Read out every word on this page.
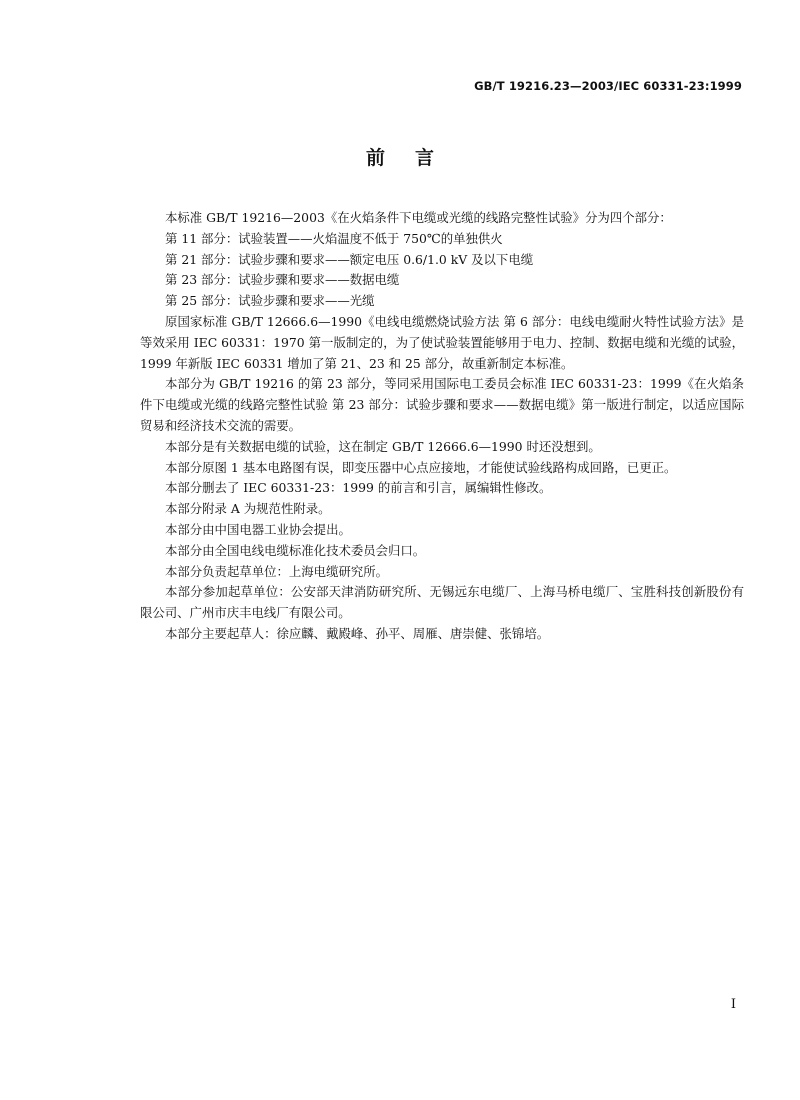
GB/T 19216.23—2003/IEC 60331-23:1999
前言

本标准 GB/T 19216—2003《在火焰条件下电缆或光缆的线路完整性试验》分为四个部分：

第 11 部分：试验装置——火焰温度不低于 750℃的单独供火

第 21 部分：试验步骤和要求——额定电压 0.6/1.0 kV 及以下电缆

第 23 部分：试验步骤和要求——数据电缆

第 25 部分：试验步骤和要求——光缆

原国家标准 GB/T 12666.6—1990《电线电缆燃烧试验方法 第 6 部分：电线电缆耐火特性试验方法》是等效采用 IEC 60331：1970 第一版制定的，为了使试验装置能够用于电力、控制、数据电缆和光缆的试验，1999 年新版 IEC 60331 增加了第 21、23 和 25 部分，故重新制定本标准。

本部分为 GB/T 19216 的第 23 部分，等同采用国际电工委员会标准 IEC 60331-23：1999《在火焰条件下电缆或光缆的线路完整性试验 第 23 部分：试验步骤和要求——数据电缆》第一版进行制定，以适应国际贸易和经济技术交流的需要。

本部分是有关数据电缆的试验，这在制定 GB/T 12666.6—1990 时还没想到。

本部分原图 1 基本电路图有误，即变压器中心点应接地，才能使试验线路构成回路，已更正。

本部分删去了 IEC 60331-23：1999 的前言和引言，属编辑性修改。

本部分附录 A 为规范性附录。

本部分由中国电器工业协会提出。

本部分由全国电线电缆标准化技术委员会归口。

本部分负责起草单位：上海电缆研究所。

本部分参加起草单位：公安部天津消防研究所、无锡远东电缆厂、上海马桥电缆厂、宝胜科技创新股份有限公司、广州市庆丰电线厂有限公司。

本部分主要起草人：徐应麟、戴殿峰、孙平、周雁、唐崇健、张锦培。

I
